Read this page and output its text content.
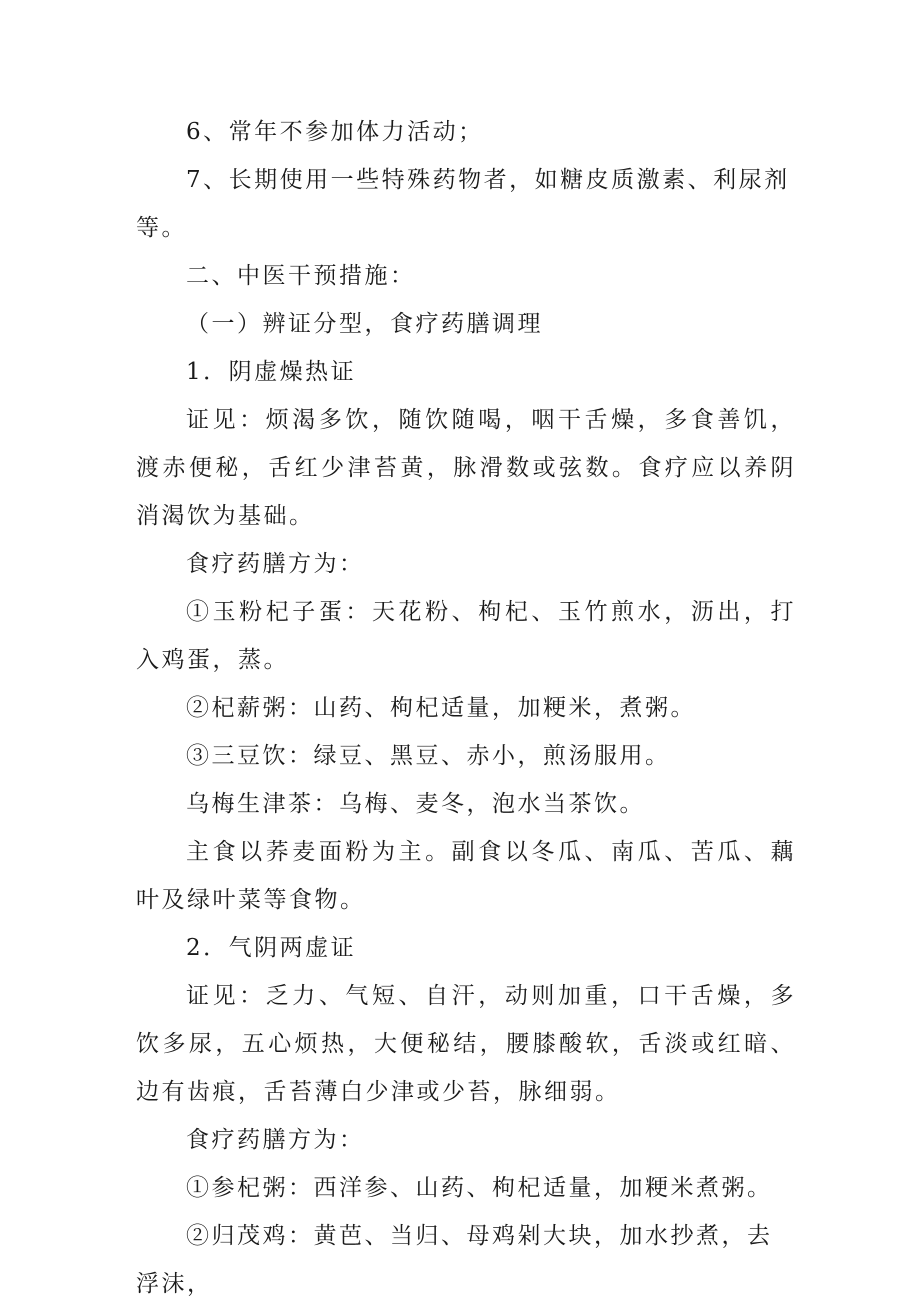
6、常年不参加体力活动；

7、长期使用一些特殊药物者，如糖皮质激素、利尿剂等。

二、中医干预措施：

（一）辨证分型，食疗药膳调理

1．阴虚燥热证

证见：烦渴多饮，随饮随喝，咽干舌燥，多食善饥，渡赤便秘，舌红少津苔黄，脉滑数或弦数。食疗应以养阴消渴饮为基础。

食疗药膳方为：

①玉粉杞子蛋：天花粉、枸杞、玉竹煎水，沥出，打入鸡蛋，蒸。

②杞薪粥：山药、枸杞适量，加粳米，煮粥。

③三豆饮：绿豆、黑豆、赤小，煎汤服用。

乌梅生津茶：乌梅、麦冬，泡水当茶饮。

主食以荞麦面粉为主。副食以冬瓜、南瓜、苦瓜、藕叶及绿叶菜等食物。

2．气阴两虚证

证见：乏力、气短、自汗，动则加重，口干舌燥，多饮多尿，五心烦热，大便秘结，腰膝酸软，舌淡或红暗、边有齿痕，舌苔薄白少津或少苔，脉细弱。

食疗药膳方为：

①参杞粥：西洋参、山药、枸杞适量，加粳米煮粥。

②归茂鸡：黄芭、当归、母鸡剁大块，加水抄煮，去浮沫，
